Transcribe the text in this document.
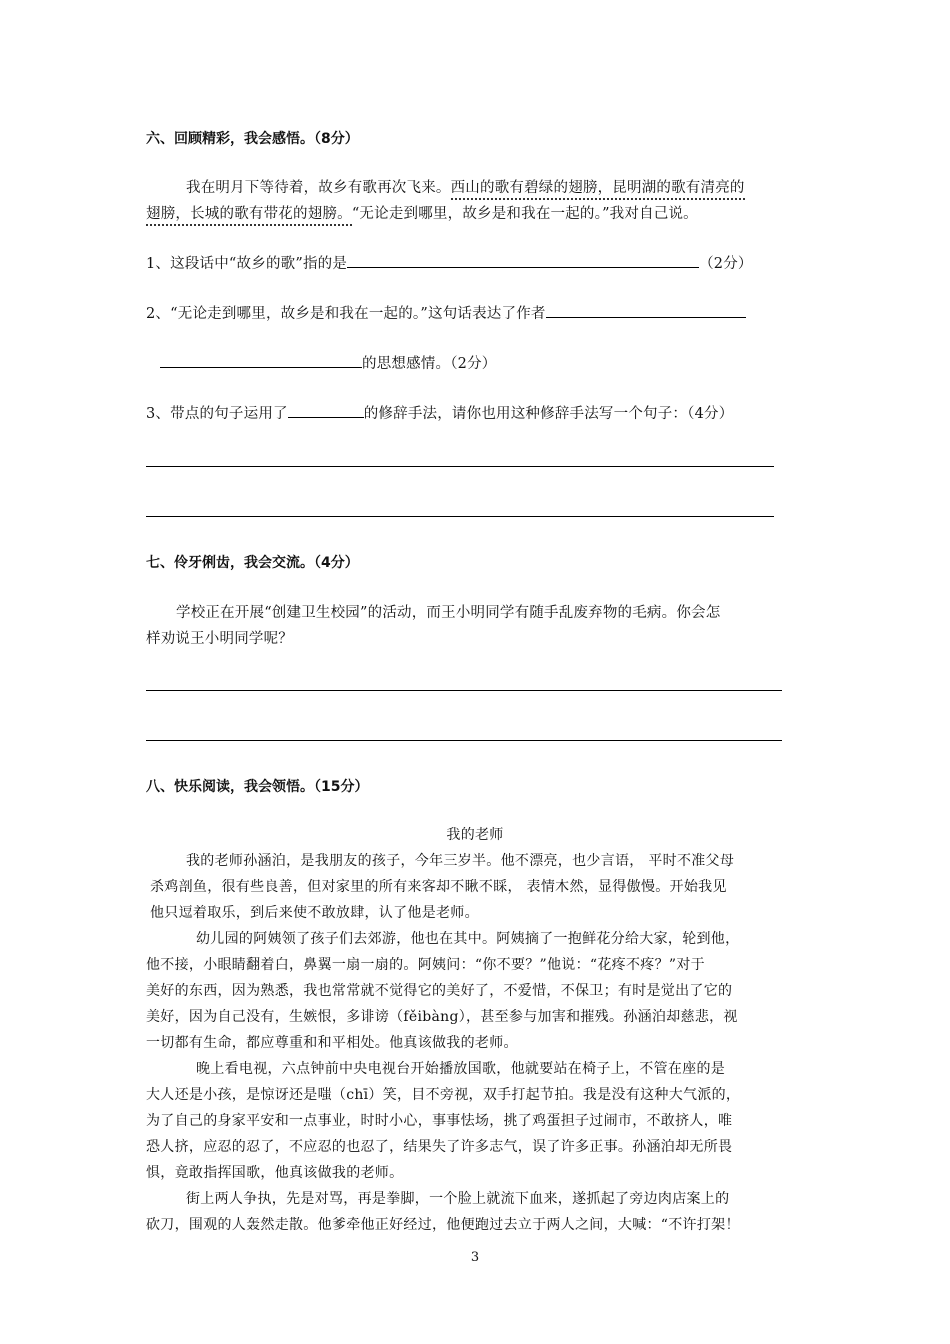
六、回顾精彩，我会感悟。（8分）
我在明月下等待着，故乡有歌再次飞来。西山的歌有碧绿的翅膀，昆明湖的歌有清亮的
翅膀，长城的歌有带花的翅膀。“无论走到哪里，故乡是和我在一起的。”我对自己说。
1、这段话中“故乡的歌”指的是	（2分）
2、“无论走到哪里，故乡是和我在一起的。”这句话表达了作者
的思想感情。（2分）
3、带点的句子运用了	的修辞手法，请你也用这种修辞手法写一个句子：（4分）
七、伶牙俐齿，我会交流。（4分）
学校正在开展“创建卫生校园”的活动，而王小明同学有随手乱废弃物的毛病。你会怎
样劝说王小明同学呢？
八、快乐阅读，我会领悟。（15分）
我的老师
我的老师孙涵泊，是我朋友的孩子，今年三岁半。他不漂亮，也少言语， 平时不准父母
杀鸡剖鱼，很有些良善，但对家里的所有来客却不瞅不睬， 表情木然，显得傲慢。开始我见
他只逗着取乐，到后来使不敢放肆，认了他是老师。
幼儿园的阿姨领了孩子们去郊游，他也在其中。阿姨摘了一抱鲜花分给大家，轮到他，
他不接，小眼睛翻着白，鼻翼一扇一扇的。阿姨问：“你不要？”他说：“花疼不疼？”对于
美好的东西，因为熟悉，我也常常就不觉得它的美好了，不爱惜，不保卫；有时是觉出了它的
美好，因为自己没有，生嫉恨，多诽谤（fěibàng），甚至参与加害和摧残。孙涵泊却慈悲，视
一切都有生命，都应尊重和和平相处。他真该做我的老师。
晚上看电视，六点钟前中央电视台开始播放国歌，他就要站在椅子上，不管在座的是
大人还是小孩，是惊讶还是嗤（chī）笑，目不旁视，双手打起节拍。我是没有这种大气派的，
为了自己的身家平安和一点事业，时时小心，事事怯场，挑了鸡蛋担子过闹市，不敢挤人，唯
恐人挤，应忍的忍了，不应忍的也忍了，结果失了许多志气，误了许多正事。孙涵泊却无所畏
惧，竟敢指挥国歌，他真该做我的老师。
街上两人争执，先是对骂，再是拳脚，一个脸上就流下血来，遂抓起了旁边肉店案上的
砍刀，围观的人轰然走散。他爹牵他正好经过，他便跑过去立于两人之间，大喊：“不许打架！
3
